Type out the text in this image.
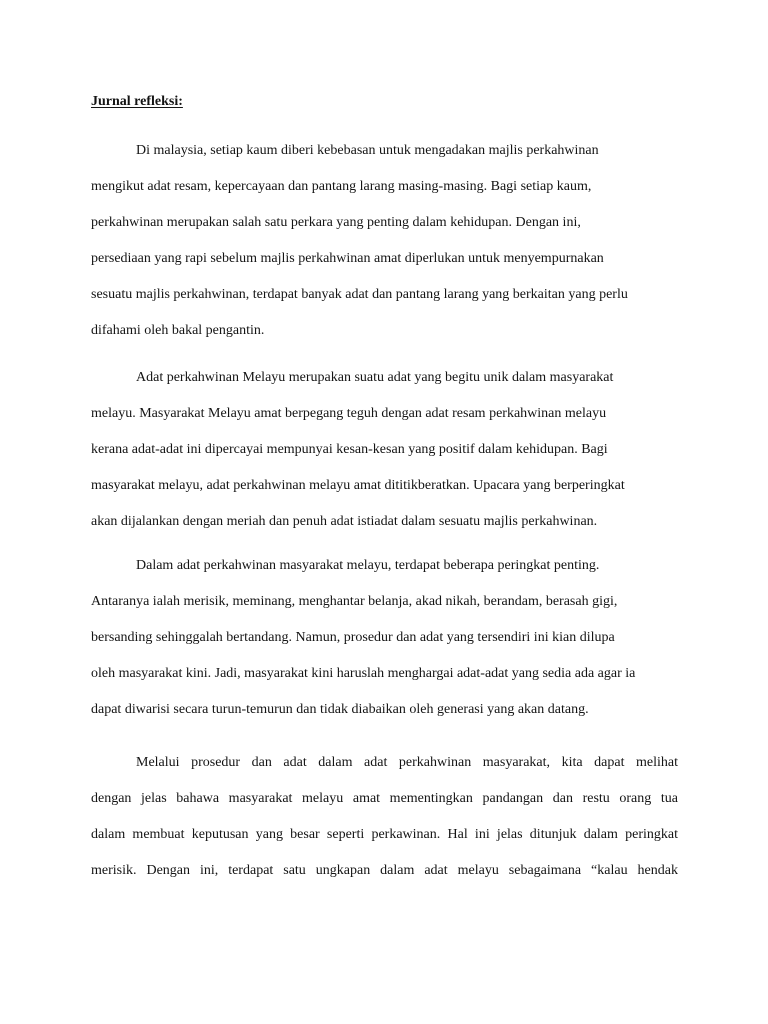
Jurnal refleksi:

Di malaysia, setiap kaum diberi kebebasan untuk mengadakan majlis perkahwinan

mengikut adat resam, kepercayaan dan pantang larang masing-masing. Bagi setiap kaum,

perkahwinan merupakan salah satu perkara yang penting dalam kehidupan. Dengan ini,

persediaan yang rapi sebelum majlis perkahwinan amat diperlukan untuk menyempurnakan

sesuatu majlis perkahwinan, terdapat banyak adat dan pantang larang yang berkaitan yang perlu

difahami oleh bakal pengantin.

Adat perkahwinan Melayu merupakan suatu adat yang begitu unik dalam masyarakat

melayu. Masyarakat Melayu amat berpegang teguh dengan adat resam perkahwinan melayu

kerana adat-adat ini dipercayai mempunyai kesan-kesan yang positif dalam kehidupan. Bagi

masyarakat melayu, adat perkahwinan melayu amat dititikberatkan. Upacara yang berperingkat

akan dijalankan dengan meriah dan penuh adat istiadat dalam sesuatu majlis perkahwinan.

Dalam adat perkahwinan masyarakat melayu, terdapat beberapa peringkat penting.

Antaranya ialah merisik, meminang, menghantar belanja, akad nikah, berandam, berasah gigi,

bersanding sehinggalah bertandang. Namun, prosedur dan adat yang tersendiri ini kian dilupa

oleh masyarakat kini. Jadi, masyarakat kini haruslah menghargai adat-adat yang sedia ada agar ia

dapat diwarisi secara turun-temurun dan tidak diabaikan oleh generasi yang akan datang.

Melalui prosedur dan adat dalam adat perkahwinan masyarakat, kita dapat melihat

dengan jelas bahawa masyarakat melayu amat mementingkan pandangan dan restu orang tua

dalam membuat keputusan yang besar seperti perkawinan. Hal ini jelas ditunjuk dalam peringkat

merisik. Dengan ini, terdapat satu ungkapan dalam adat melayu sebagaimana “kalau hendak
